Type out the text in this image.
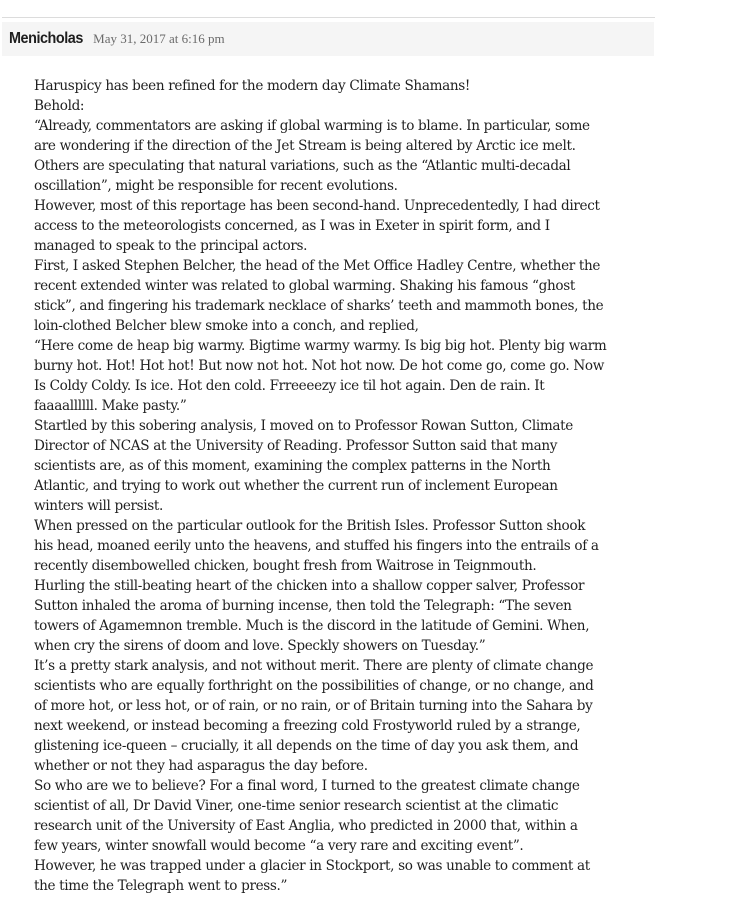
Menicholas May 31, 2017 at 6:16 pm
Haruspicy has been refined for the modern day Climate Shamans!
Behold:
“Already, commentators are asking if global warming is to blame. In particular, some
are wondering if the direction of the Jet Stream is being altered by Arctic ice melt.
Others are speculating that natural variations, such as the “Atlantic multi-decadal
oscillation”, might be responsible for recent evolutions.
However, most of this reportage has been second-hand. Unprecedentedly, I had direct
access to the meteorologists concerned, as I was in Exeter in spirit form, and I
managed to speak to the principal actors.
First, I asked Stephen Belcher, the head of the Met Office Hadley Centre, whether the
recent extended winter was related to global warming. Shaking his famous “ghost
stick”, and fingering his trademark necklace of sharks’ teeth and mammoth bones, the
loin-clothed Belcher blew smoke into a conch, and replied,
“Here come de heap big warmy. Bigtime warmy warmy. Is big big hot. Plenty big warm
burny hot. Hot! Hot hot! But now not hot. Not hot now. De hot come go, come go. Now
Is Coldy Coldy. Is ice. Hot den cold. Frreeeezy ice til hot again. Den de rain. It
faaaallllll. Make pasty.”
Startled by this sobering analysis, I moved on to Professor Rowan Sutton, Climate
Director of NCAS at the University of Reading. Professor Sutton said that many
scientists are, as of this moment, examining the complex patterns in the North
Atlantic, and trying to work out whether the current run of inclement European
winters will persist.
When pressed on the particular outlook for the British Isles. Professor Sutton shook
his head, moaned eerily unto the heavens, and stuffed his fingers into the entrails of a
recently disembowelled chicken, bought fresh from Waitrose in Teignmouth.
Hurling the still-beating heart of the chicken into a shallow copper salver, Professor
Sutton inhaled the aroma of burning incense, then told the Telegraph: “The seven
towers of Agamemnon tremble. Much is the discord in the latitude of Gemini. When,
when cry the sirens of doom and love. Speckly showers on Tuesday.”
It’s a pretty stark analysis, and not without merit. There are plenty of climate change
scientists who are equally forthright on the possibilities of change, or no change, and
of more hot, or less hot, or of rain, or no rain, or of Britain turning into the Sahara by
next weekend, or instead becoming a freezing cold Frostyworld ruled by a strange,
glistening ice-queen – crucially, it all depends on the time of day you ask them, and
whether or not they had asparagus the day before.
So who are we to believe? For a final word, I turned to the greatest climate change
scientist of all, Dr David Viner, one-time senior research scientist at the climatic
research unit of the University of East Anglia, who predicted in 2000 that, within a
few years, winter snowfall would become “a very rare and exciting event”.
However, he was trapped under a glacier in Stockport, so was unable to comment at
the time the Telegraph went to press.”
